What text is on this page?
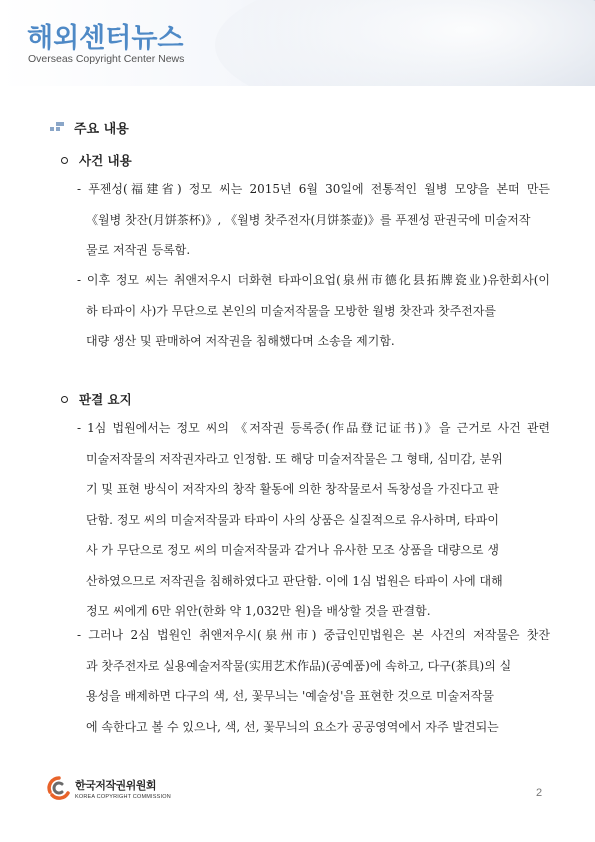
해외센터뉴스
Overseas Copyright Center News
주요 내용
사건 내용
- 푸젠성(福建省) 정모 씨는 2015년 6월 30일에 전통적인 월병 모양을 본떠 만든
《월병 찻잔(月饼茶杯)》, 《월병 찻주전자(月饼茶壶)》를 푸젠성 판권국에 미술저작
물로 저작권 등록함.
- 이후 정모 씨는 취앤저우시 더화현 타파이요업(泉州市德化县拓牌瓷业)유한회사(이
하 타파이 사)가 무단으로 본인의 미술저작물을 모방한 월병 찻잔과 찻주전자를
대량 생산 및 판매하여 저작권을 침해했다며 소송을 제기함.
판결 요지
- 1심 법원에서는 정모 씨의 《저작권 등록증(作品登记证书)》을 근거로 사건 관련
미술저작물의 저작권자라고 인정함. 또 해당 미술저작물은 그 형태, 심미감, 분위
기 및 표현 방식이 저작자의 창작 활동에 의한 창작물로서 독창성을 가진다고 판
단함. 정모 씨의 미술저작물과 타파이 사의 상품은 실질적으로 유사하며, 타파이
사 가 무단으로 정모 씨의 미술저작물과 같거나 유사한 모조 상품을 대량으로 생
산하였으므로 저작권을 침해하였다고 판단함. 이에 1심 법원은 타파이 사에 대해
정모 씨에게 6만 위안(한화 약 1,032만 원)을 배상할 것을 판결함.
- 그러나 2심 법원인 취앤저우시(泉州市) 중급인민법원은 본 사건의 저작물은 찻잔
과 찻주전자로 실용예술저작물(实用艺术作品)(공예품)에 속하고, 다구(茶具)의 실
용성을 배제하면 다구의 색, 선, 꽃무늬는 '예술성'을 표현한 것으로 미술저작물
에 속한다고 볼 수 있으나, 색, 선, 꽃무늬의 요소가 공공영역에서 자주 발견되는
한국저작권위원회
KOREA COPYRIGHT COMMISSION	2
